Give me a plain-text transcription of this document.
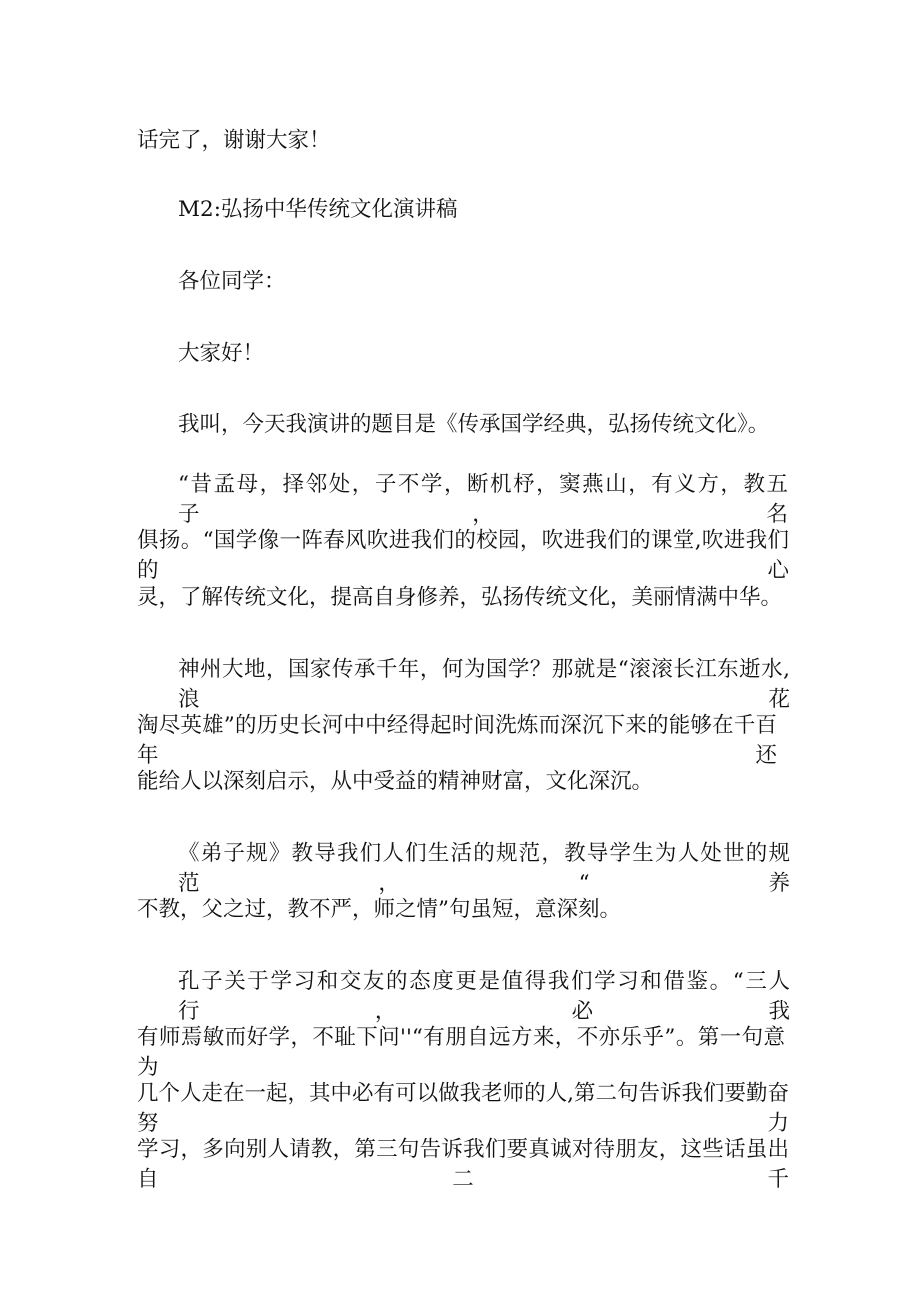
话完了，谢谢大家！
M2:弘扬中华传统文化演讲稿
各位同学：
大家好！
我叫，今天我演讲的题目是《传承国学经典，弘扬传统文化》。
“昔孟母，择邻处，子不学，断机杼，窦燕山，有义方，教五子，名
俱扬。“国学像一阵春风吹进我们的校园，吹进我们的课堂,吹进我们的心
灵，了解传统文化，提高自身修养，弘扬传统文化，美丽情满中华。
神州大地，国家传承千年，何为国学？那就是“滚滚长江东逝水,浪花
淘尽英雄”的历史长河中中经得起时间洗炼而深沉下来的能够在千百年还
能给人以深刻启示，从中受益的精神财富，文化深沉。
《弟子规》教导我们人们生活的规范，教导学生为人处世的规范，“养
不教，父之过，教不严，师之情”句虽短，意深刻。
孔子关于学习和交友的态度更是值得我们学习和借鉴。“三人行，必我
有师焉敏而好学，不耻下问''“有朋自远方来，不亦乐乎”。第一句意为
几个人走在一起，其中必有可以做我老师的人,第二句告诉我们要勤奋努力
学习，多向别人请教，第三句告诉我们要真诚对待朋友，这些话虽出自二千
